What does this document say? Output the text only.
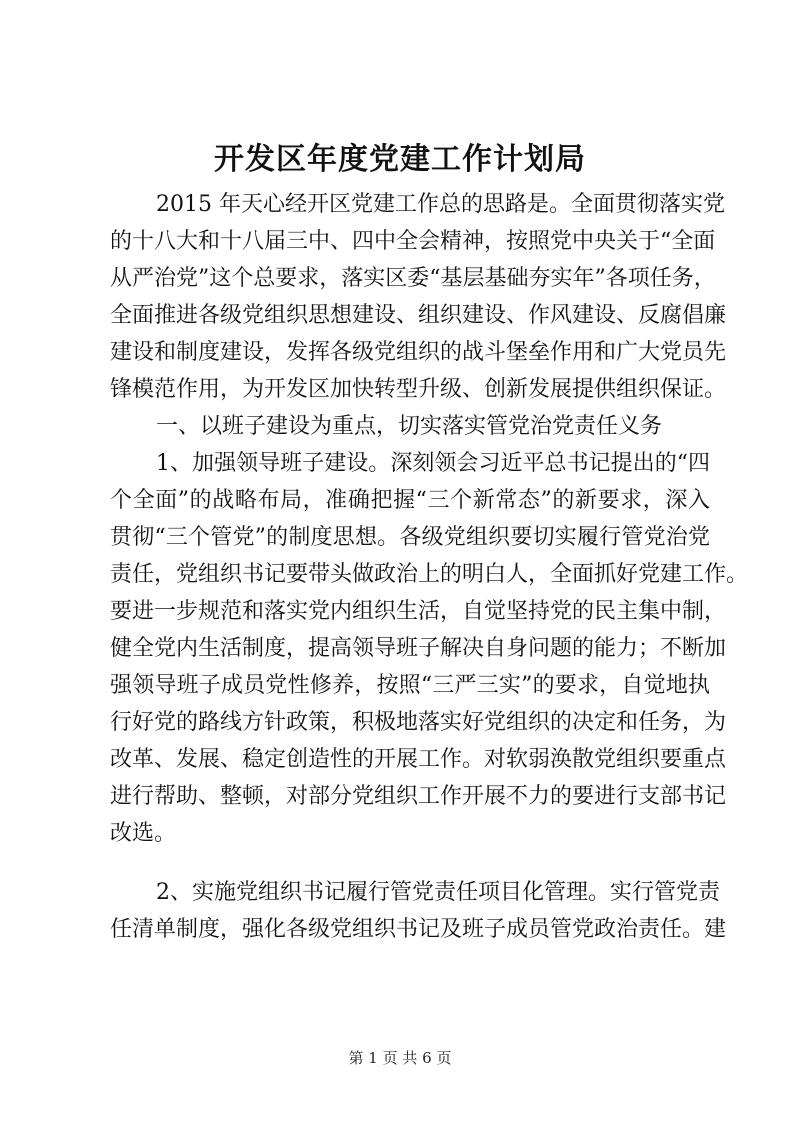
开发区年度党建工作计划局
2015 年天心经开区党建工作总的思路是。全面贯彻落实党
的十八大和十八届三中、四中全会精神，按照党中央关于“全面
从严治党”这个总要求，落实区委“基层基础夯实年”各项任务，
全面推进各级党组织思想建设、组织建设、作风建设、反腐倡廉
建设和制度建设，发挥各级党组织的战斗堡垒作用和广大党员先
锋模范作用，为开发区加快转型升级、创新发展提供组织保证。
一、以班子建设为重点，切实落实管党治党责任义务
1、加强领导班子建设。深刻领会习近平总书记提出的“四
个全面”的战略布局，准确把握“三个新常态”的新要求，深入
贯彻“三个管党”的制度思想。各级党组织要切实履行管党治党
责任，党组织书记要带头做政治上的明白人，全面抓好党建工作。
要进一步规范和落实党内组织生活，自觉坚持党的民主集中制，
健全党内生活制度，提高领导班子解决自身问题的能力；不断加
强领导班子成员党性修养，按照“三严三实”的要求，自觉地执
行好党的路线方针政策，积极地落实好党组织的决定和任务，为
改革、发展、稳定创造性的开展工作。对软弱涣散党组织要重点
进行帮助、整顿，对部分党组织工作开展不力的要进行支部书记
改选。
2、实施党组织书记履行管党责任项目化管理。实行管党责
任清单制度，强化各级党组织书记及班子成员管党政治责任。建
第 1 页 共 6 页
